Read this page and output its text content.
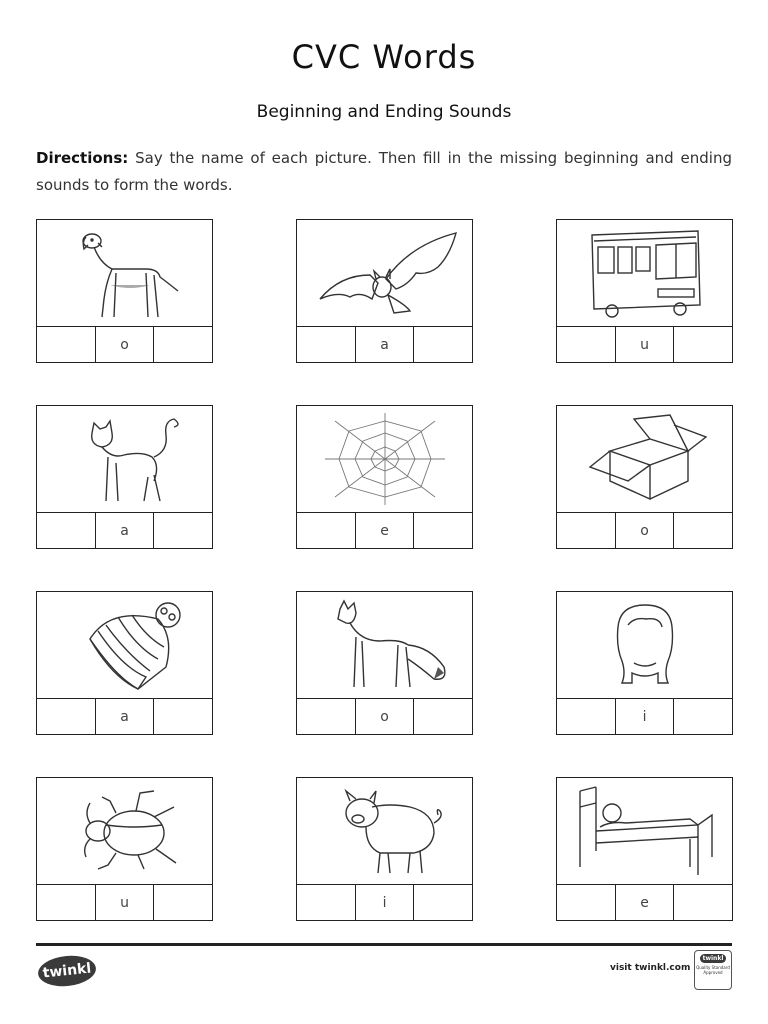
CVC Words
Beginning and Ending Sounds

Directions: Say the name of each picture. Then fill in the missing beginning and ending sounds to form the words.

o	a	u
a	e	o
a	o	i
u	i	e
twinkl	visit twinkl.com
twinkl
Quality Standard Approved
